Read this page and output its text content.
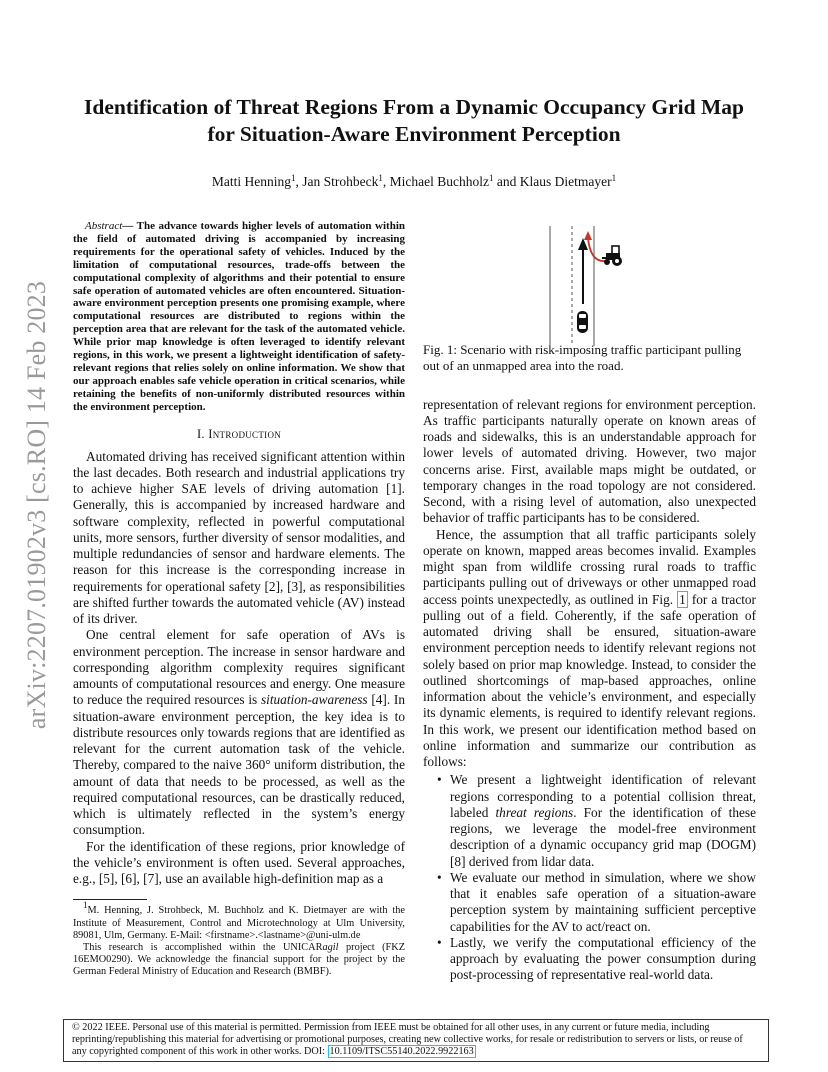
arXiv:2207.01902v3 [cs.RO] 14 Feb 2023
Identification of Threat Regions From a Dynamic Occupancy Grid Map
for Situation-Aware Environment Perception
Matti Henning$^1$, Jan Strohbeck$^1$, Michael Buchholz$^1$ and Klaus Dietmayer$^1$

Abstract— The advance towards higher levels of automation within the field of automated driving is accompanied by increasing requirements for the operational safety of vehicles. Induced by the limitation of computational resources, trade-offs between the computational complexity of algorithms and their potential to ensure safe operation of automated vehicles are often encountered. Situation-aware environment perception presents one promising example, where computational resources are distributed to regions within the perception area that are relevant for the task of the automated vehicle. While prior map knowledge is often leveraged to identify relevant regions, in this work, we present a lightweight identification of safety-relevant regions that relies solely on online information. We show that our approach enables safe vehicle operation in critical scenarios, while retaining the benefits of non-uniformly distributed resources within the environment perception.

I. Introduction

Automated driving has received significant attention within the last decades. Both research and industrial applications try to achieve higher SAE levels of driving automation [1]. Generally, this is accompanied by increased hardware and software complexity, reflected in powerful computational units, more sensors, further diversity of sensor modalities, and multiple redundancies of sensor and hardware elements. The reason for this increase is the corresponding increase in requirements for operational safety [2], [3], as responsibilities are shifted further towards the automated vehicle (AV) instead of its driver.

One central element for safe operation of AVs is environment perception. The increase in sensor hardware and corresponding algorithm complexity requires significant amounts of computational resources and energy. One measure to reduce the required resources is situation-awareness [4]. In situation-aware environment perception, the key idea is to distribute resources only towards regions that are identified as relevant for the current automation task of the vehicle. Thereby, compared to the naive 360° uniform distribution, the amount of data that needs to be processed, as well as the required computational resources, can be drastically reduced, which is ultimately reflected in the system’s energy consumption.

For the identification of these regions, prior knowledge of the vehicle’s environment is often used. Several approaches, e.g., [5], [6], [7], use an available high-definition map as a

$^1$M. Henning, J. Strohbeck, M. Buchholz and K. Dietmayer are with the Institute of Measurement, Control and Microtechnology at Ulm University, 89081, Ulm, Germany. E-Mail: <firstname>.<lastname>@uni-ulm.de

This research is accomplished within the UNICARagil project (FKZ 16EMO0290). We acknowledge the financial support for the project by the German Federal Ministry of Education and Research (BMBF).

Fig. 1: Scenario with risk-imposing traffic participant pulling out of an unmapped area into the road.

representation of relevant regions for environment perception. As traffic participants naturally operate on known areas of roads and sidewalks, this is an understandable approach for lower levels of automated driving. However, two major concerns arise. First, available maps might be outdated, or temporary changes in the road topology are not considered. Second, with a rising level of automation, also unexpected behavior of traffic participants has to be considered.

Hence, the assumption that all traffic participants solely operate on known, mapped areas becomes invalid. Examples might span from wildlife crossing rural roads to traffic participants pulling out of driveways or other unmapped road access points unexpectedly, as outlined in Fig. 1 for a tractor pulling out of a field. Coherently, if the safe operation of automated driving shall be ensured, situation-aware environment perception needs to identify relevant regions not solely based on prior map knowledge. Instead, to consider the outlined shortcomings of map-based approaches, online information about the vehicle’s environment, and especially its dynamic elements, is required to identify relevant regions. In this work, we present our identification method based on online information and summarize our contribution as follows:

• We present a lightweight identification of relevant regions corresponding to a potential collision threat, labeled threat regions. For the identification of these regions, we leverage the model-free environment description of a dynamic occupancy grid map (DOGM) [8] derived from lidar data.
• We evaluate our method in simulation, where we show that it enables safe operation of a situation-aware perception system by maintaining sufficient perceptive capabilities for the AV to act/react on.
• Lastly, we verify the computational efficiency of the approach by evaluating the power consumption during post-processing of representative real-world data.
© 2022 IEEE. Personal use of this material is permitted. Permission from IEEE must be obtained for all other uses, in any current or future media, including reprinting/republishing this material for advertising or promotional purposes, creating new collective works, for resale or redistribution to servers or lists, or reuse of any copyrighted component of this work in other works. DOI: 10.1109/ITSC55140.2022.9922163
